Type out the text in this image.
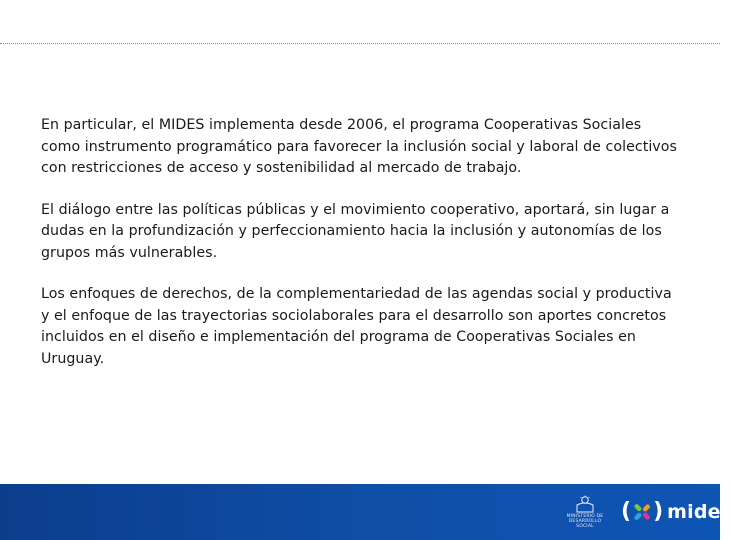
En particular, el MIDES implementa desde 2006, el programa Cooperativas Sociales como instrumento programático para favorecer la inclusión social y laboral de colectivos con restricciones de acceso y sostenibilidad al mercado de trabajo.

El diálogo entre las políticas públicas y el movimiento cooperativo, aportará, sin lugar a dudas en la profundización y perfeccionamiento hacia la inclusión y autonomías de los grupos más vulnerables.

Los enfoques de derechos, de la complementariedad de las agendas social y productiva y el enfoque de las trayectorias sociolaborales para el desarrollo son aportes concretos incluidos en el diseño e implementación del programa de Cooperativas Sociales en Uruguay.

MINISTERIO DE
DESARROLLO SOCIAL
( ) mides
